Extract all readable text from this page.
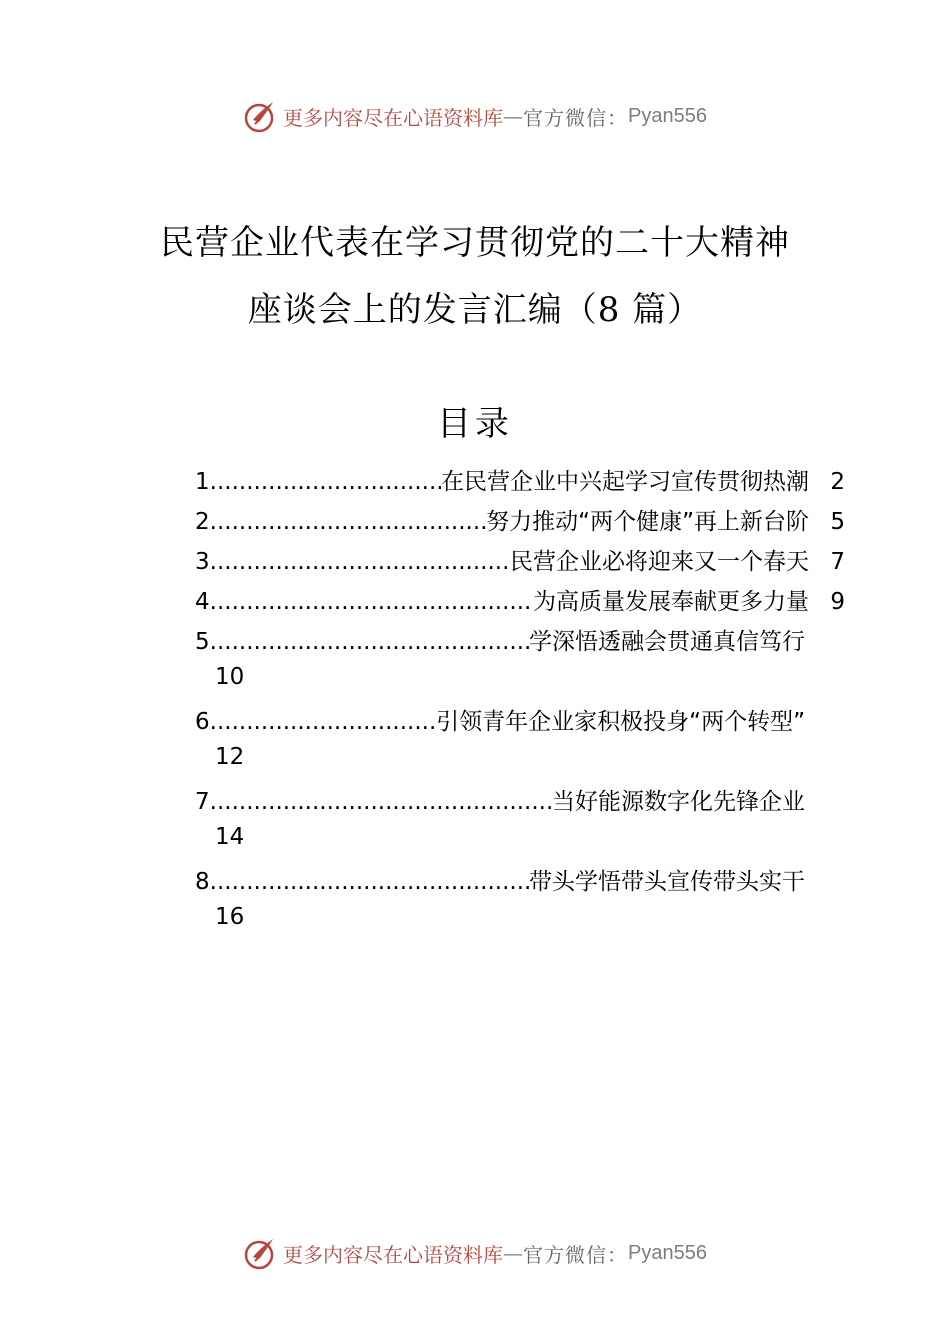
更多内容尽在心语资料库 — 官方微信： Pyan556
民营企业代表在学习贯彻党的二十大精神
座谈会上的发言汇编（8 篇）
目录
1 .....	在民营企业中兴起学习宣传贯彻热潮 2
2 .....	努力推动“两个健康”再上新台阶 5
3 .....	民营企业必将迎来又一个春天 7
4 .....	为高质量发展奉献更多力量 9
5 .....	学深悟透融会贯通真信笃行
10
6 .....	引领青年企业家积极投身“两个转型”
12
7 .....	当好能源数字化先锋企业
14
8 .....	带头学悟带头宣传带头实干
16
更多内容尽在心语资料库 — 官方微信： Pyan556
